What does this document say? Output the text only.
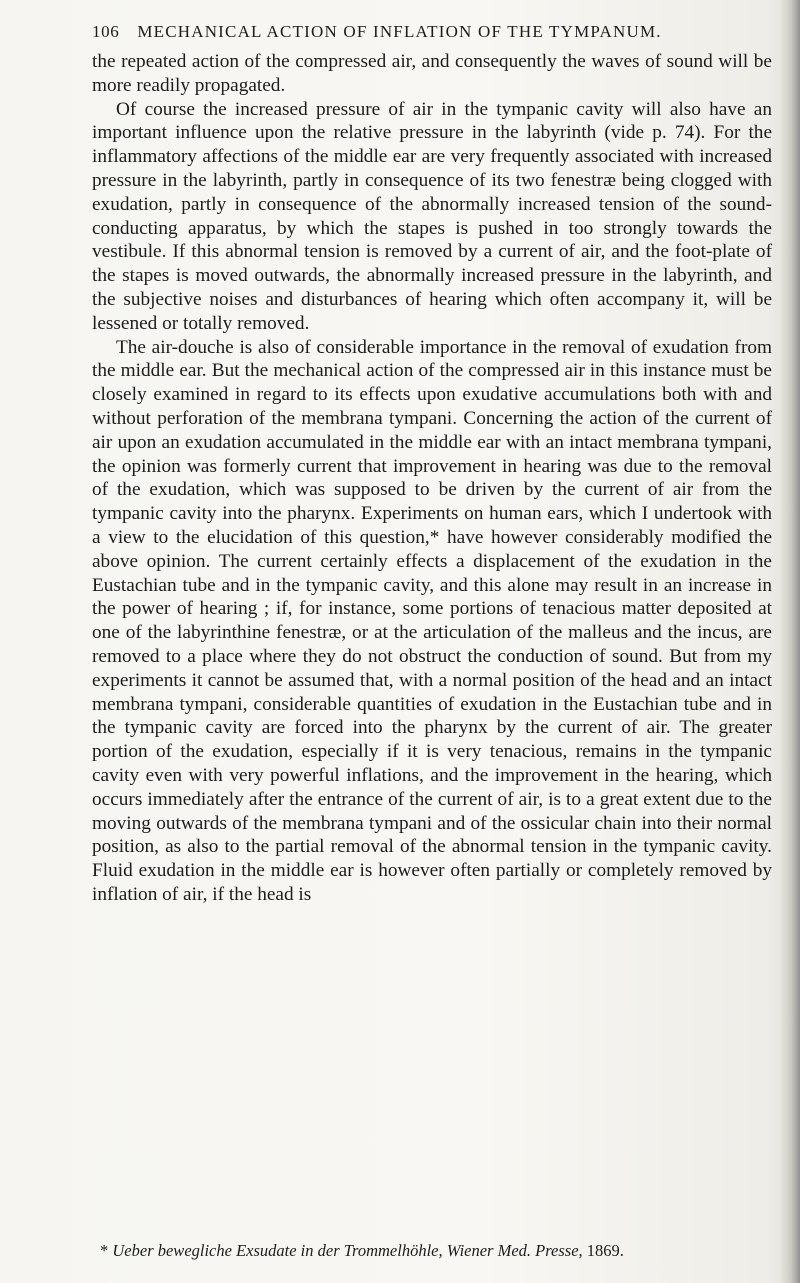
106 MECHANICAL ACTION OF INFLATION OF THE TYMPANUM.

the repeated action of the compressed air, and consequently the waves of sound will be more readily propagated.

Of course the increased pressure of air in the tympanic cavity will also have an important influence upon the relative pressure in the labyrinth (vide p. 74). For the inflammatory affections of the middle ear are very frequently associated with increased pressure in the labyrinth, partly in consequence of its two fenestræ being clogged with exudation, partly in consequence of the abnormally increased tension of the sound-conducting apparatus, by which the stapes is pushed in too strongly towards the vestibule. If this abnormal tension is removed by a current of air, and the foot-plate of the stapes is moved outwards, the abnormally increased pressure in the labyrinth, and the subjective noises and disturbances of hearing which often accompany it, will be lessened or totally removed.

The air-douche is also of considerable importance in the removal of exudation from the middle ear. But the mechanical action of the compressed air in this instance must be closely examined in regard to its effects upon exudative accumulations both with and without perforation of the membrana tympani. Concerning the action of the current of air upon an exudation accumulated in the middle ear with an intact membrana tympani, the opinion was formerly current that improvement in hearing was due to the removal of the exudation, which was supposed to be driven by the current of air from the tympanic cavity into the pharynx. Experiments on human ears, which I undertook with a view to the elucidation of this question,* have however considerably modified the above opinion. The current certainly effects a displacement of the exudation in the Eustachian tube and in the tympanic cavity, and this alone may result in an increase in the power of hearing ; if, for instance, some portions of tenacious matter deposited at one of the labyrinthine fenestræ, or at the articulation of the malleus and the incus, are removed to a place where they do not obstruct the conduction of sound. But from my experiments it cannot be assumed that, with a normal position of the head and an intact membrana tympani, considerable quantities of exudation in the Eustachian tube and in the tympanic cavity are forced into the pharynx by the current of air. The greater portion of the exudation, especially if it is very tenacious, remains in the tympanic cavity even with very powerful inflations, and the improvement in the hearing, which occurs immediately after the entrance of the current of air, is to a great extent due to the moving outwards of the membrana tympani and of the ossicular chain into their normal position, as also to the partial removal of the abnormal tension in the tympanic cavity. Fluid exudation in the middle ear is however often partially or completely removed by inflation of air, if the head is

* Ueber bewegliche Exsudate in der Trommelhöhle, Wiener Med. Presse, 1869.
